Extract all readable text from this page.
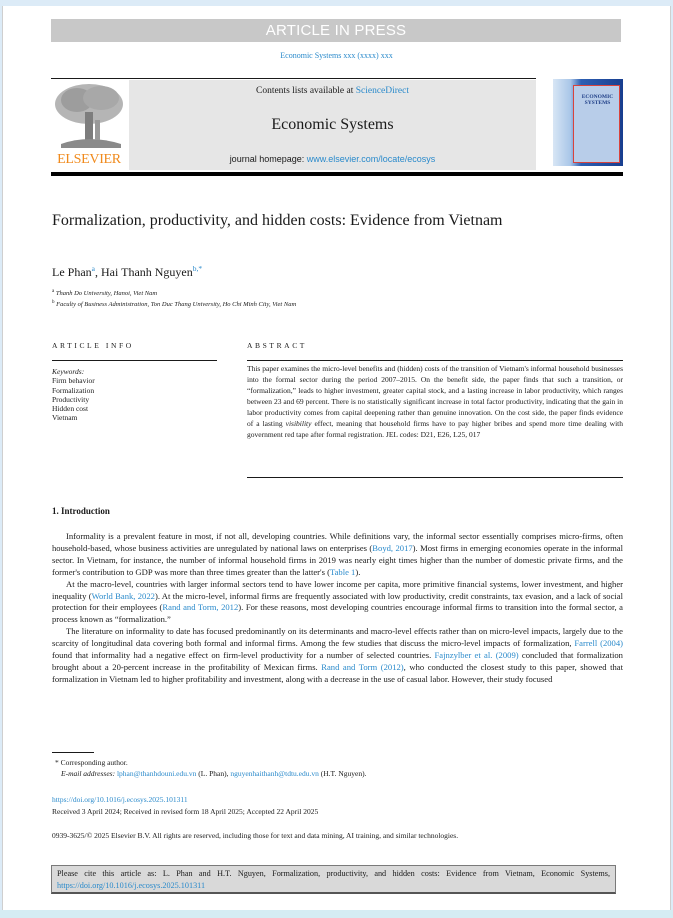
ARTICLE IN PRESS
Economic Systems xxx (xxxx) xxx
ELSEVIER
Contents lists available at ScienceDirect
Economic Systems
journal homepage: www.elsevier.com/locate/ecosys
ECONOMIC SYSTEMS
Formalization, productivity, and hidden costs: Evidence from Vietnam
Le Phan$^a$, Hai Thanh Nguyen$^{b,*}$
$^a$ Thanh Do University, Hanoi, Viet Nam
$^b$ Faculty of Business Administration, Ton Duc Thang University, Ho Chi Minh City, Viet Nam
ARTICLE INFO	ABSTRACT
Keywords:
Firm behavior
Formalization
Productivity
Hidden cost
Vietnam
This paper examines the micro-level benefits and (hidden) costs of the transition of Vietnam's informal household businesses into the formal sector during the period 2007–2015. On the benefit side, the paper finds that such a transition, or “formalization,” leads to higher investment, greater capital stock, and a lasting increase in labor productivity, which ranges between 23 and 69 percent. There is no statistically significant increase in total factor productivity, indicating that the gain in labor productivity comes from capital deepening rather than genuine innovation. On the cost side, the paper finds evidence of a lasting visibility effect, meaning that household firms have to pay higher bribes and spend more time dealing with government red tape after formal registration. JEL codes: D21, E26, L25, 017
1. Introduction

Informality is a prevalent feature in most, if not all, developing countries. While definitions vary, the informal sector essentially comprises micro-firms, often household-based, whose business activities are unregulated by national laws on enterprises (Boyd, 2017). Most firms in emerging economies operate in the informal sector. In Vietnam, for instance, the number of informal household firms in 2019 was nearly eight times higher than the number of domestic private firms, and the former's contribution to GDP was more than three times greater than the latter's (Table 1).

At the macro-level, countries with larger informal sectors tend to have lower income per capita, more primitive financial systems, lower investment, and higher inequality (World Bank, 2022). At the micro-level, informal firms are frequently associated with low productivity, credit constraints, tax evasion, and a lack of social protection for their employees (Rand and Torm, 2012). For these reasons, most developing countries encourage informal firms to transition into the formal sector, a process known as “formalization.”

The literature on informality to date has focused predominantly on its determinants and macro-level effects rather than on micro-level impacts, largely due to the scarcity of longitudinal data covering both formal and informal firms. Among the few studies that discuss the micro-level impacts of formalization, Farrell (2004) found that informality had a negative effect on firm-level productivity for a number of selected countries. Fajnzylber et al. (2009) concluded that formalization brought about a 20-percent increase in the profitability of Mexican firms. Rand and Torm (2012), who conducted the closest study to this paper, showed that formalization in Vietnam led to higher profitability and investment, along with a decrease in the use of casual labor. However, their study focused

* Corresponding author.
E-mail addresses: lphan@thanhdouni.edu.vn (L. Phan), nguyenhaithanh@tdtu.edu.vn (H.T. Nguyen).
https://doi.org/10.1016/j.ecosys.2025.101311
Received 3 April 2024; Received in revised form 18 April 2025; Accepted 22 April 2025
0939-3625/© 2025 Elsevier B.V. All rights are reserved, including those for text and data mining, AI training, and similar technologies.
Please cite this article as: L. Phan and H.T. Nguyen, Formalization, productivity, and hidden costs: Evidence from Vietnam, Economic Systems, https://doi.org/10.1016/j.ecosys.2025.101311
